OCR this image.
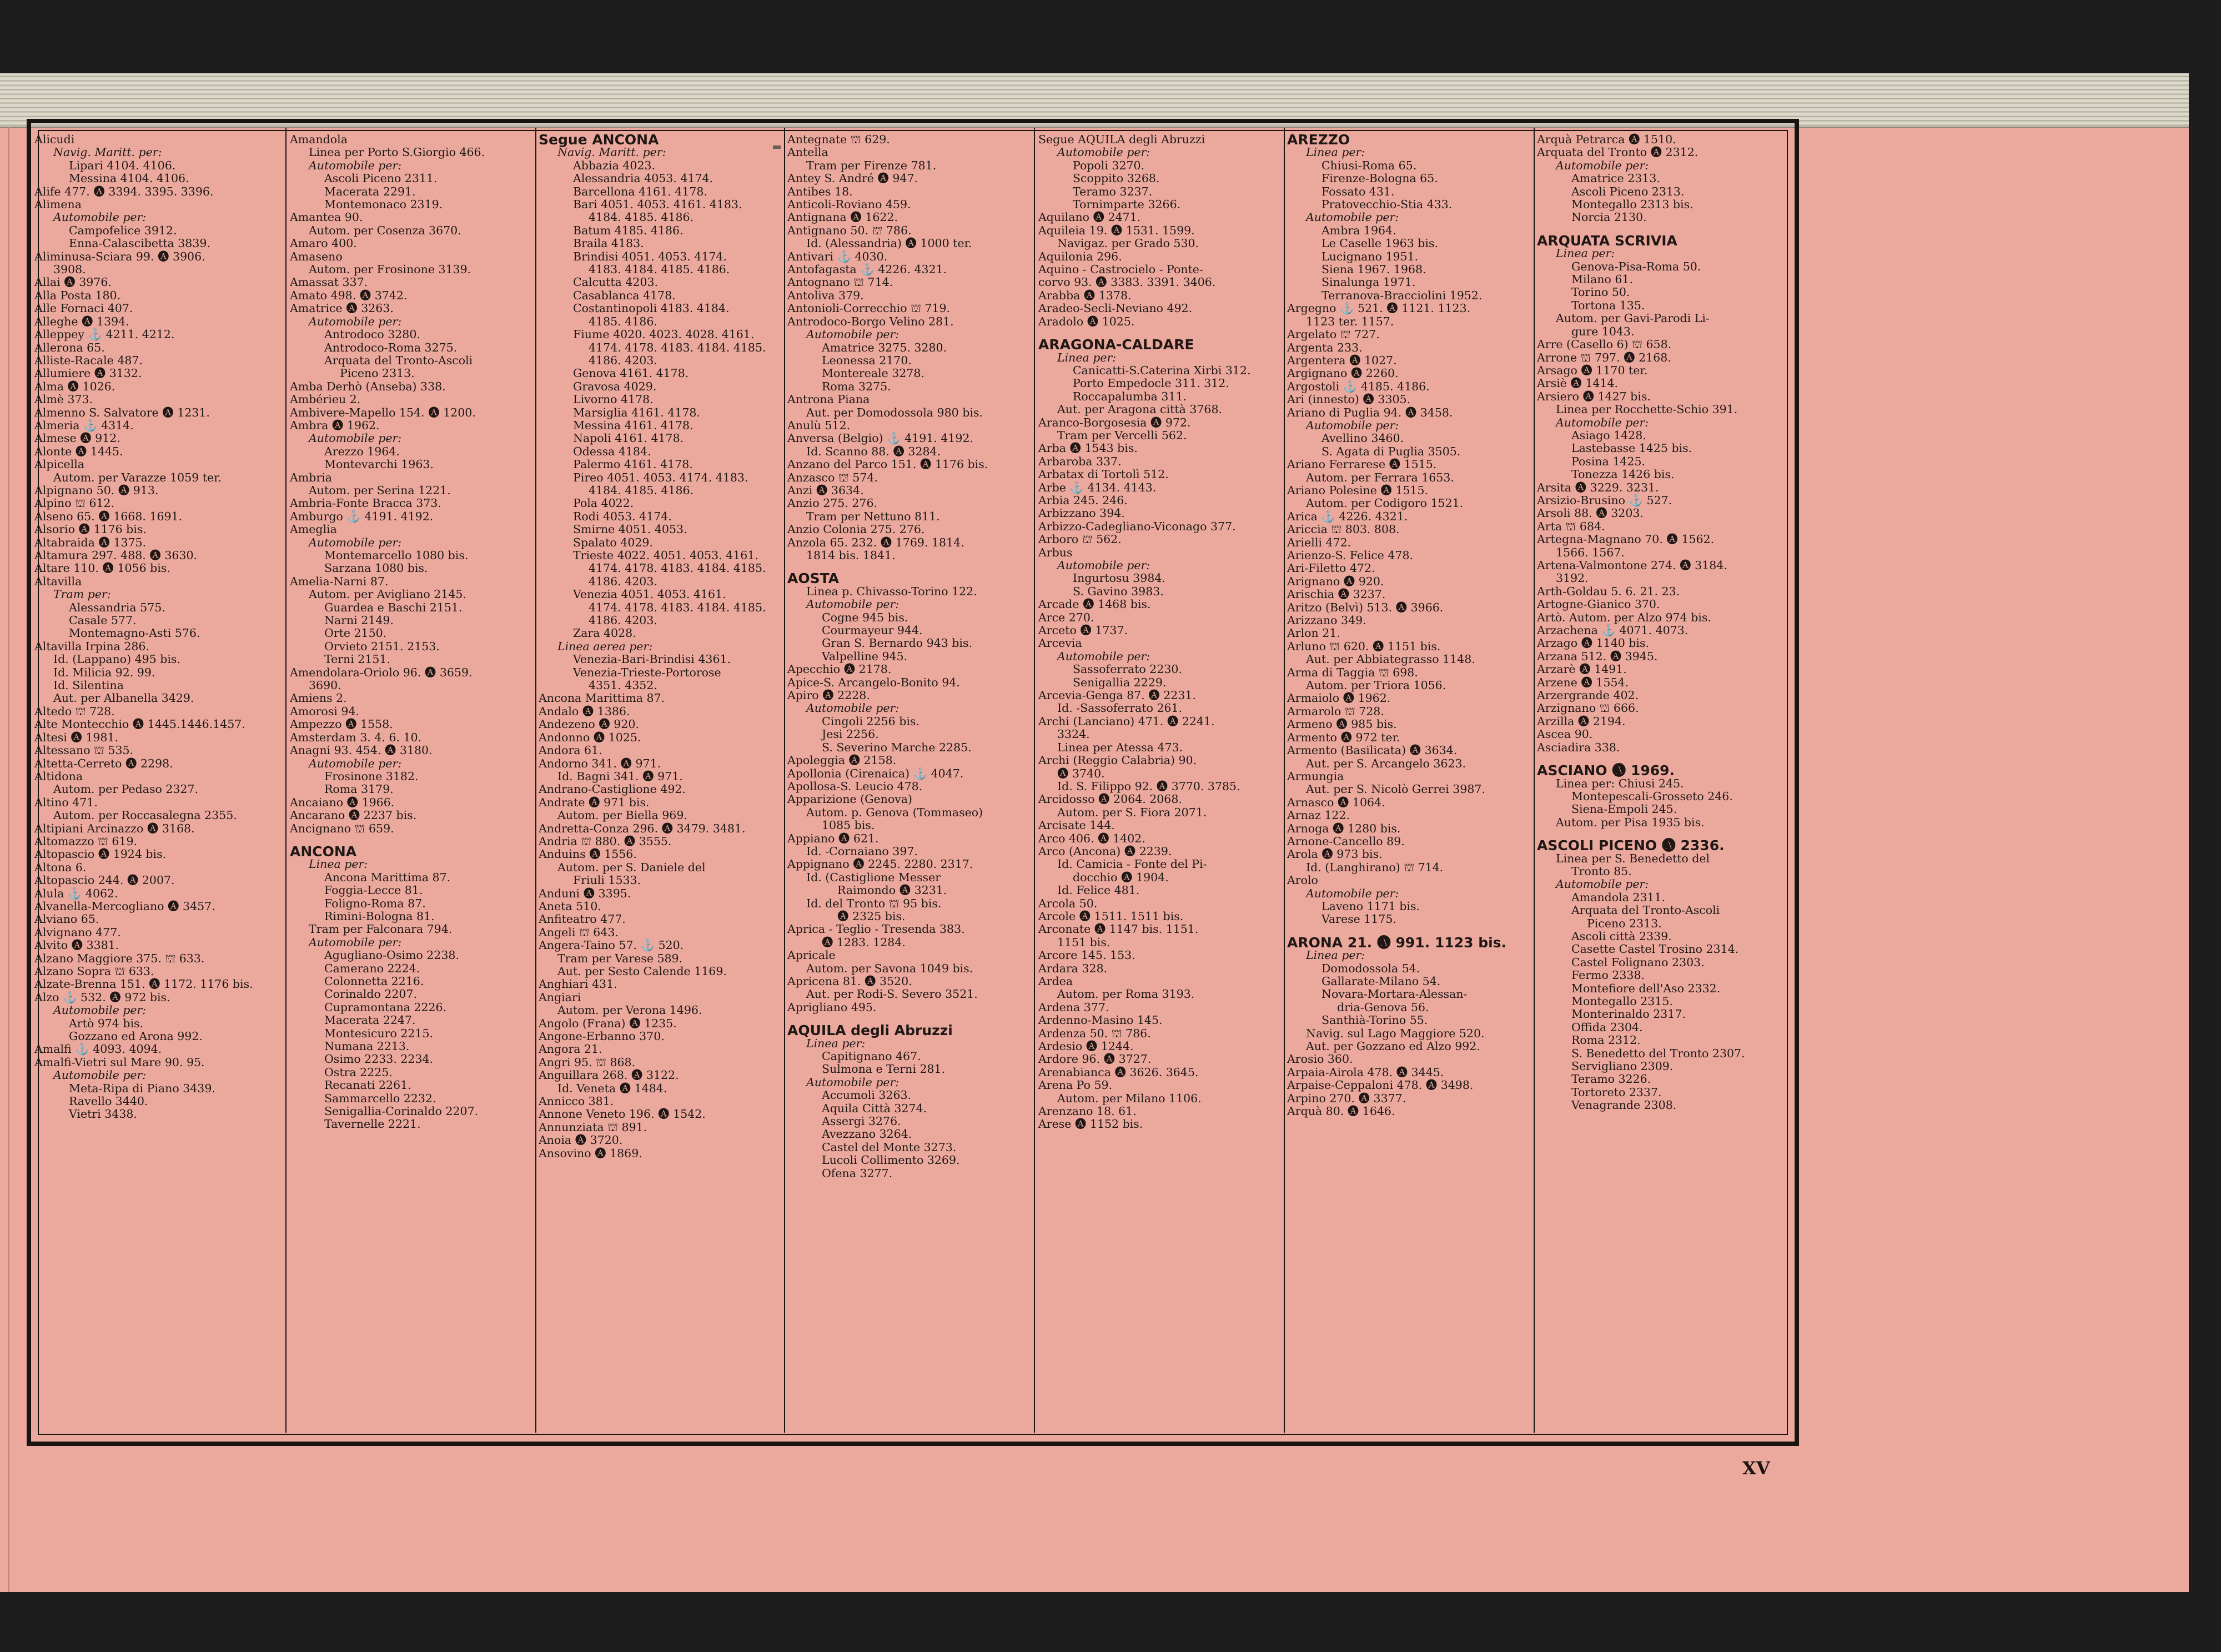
XV
Alicudi
Navig. Maritt. per:
Lipari 4104. 4106.
Messina 4104. 4106.
Alife 477. 🅐 3394. 3395. 3396.
Alimena
Automobile per:
Campofelice 3912.
Enna-Calascibetta 3839.
Aliminusa-Sciara 99. 🅐 3906.
3908.
Allai 🅐 3976.
Alla Posta 180.
Alle Fornaci 407.
Alleghe 🅐 1394.
Alleppey ⚓ 4211. 4212.
Allerona 65.
Alliste-Racale 487.
Allumiere 🅐 3132.
Alma 🅐 1026.
Almè 373.
Almenno S. Salvatore 🅐 1231.
Almeria ⚓ 4314.
Almese 🅐 912.
Alonte 🅐 1445.
Alpicella
Autom. per Varazze 1059 ter.
Alpignano 50. 🅐 913.
Alpino ⛫ 612.
Alseno 65. 🅐 1668. 1691.
Alsorio 🅐 1176 bis.
Altabraida 🅐 1375.
Altamura 297. 488. 🅐 3630.
Altare 110. 🅐 1056 bis.
Altavilla
Tram per:
Alessandria 575.
Casale 577.
Montemagno-Asti 576.
Altavilla Irpina 286.
Id. (Lappano) 495 bis.
Id. Milicia 92. 99.
Id. Silentina
Aut. per Albanella 3429.
Altedo ⛫ 728.
Alte Montecchio 🅐 1445.1446.1457.
Altesi 🅐 1981.
Altessano ⛫ 535.
Altetta-Cerreto 🅐 2298.
Altidona
Autom. per Pedaso 2327.
Altino 471.
Autom. per Roccasalegna 2355.
Altipiani Arcinazzo 🅐 3168.
Altomazzo ⛫ 619.
Altopascio 🅐 1924 bis.
Altona 6.
Altopascio 244. 🅐 2007.
Alula ⚓ 4062.
Alvanella-Mercogliano 🅐 3457.
Alviano 65.
Alvignano 477.
Alvito 🅐 3381.
Alzano Maggiore 375. ⛫ 633.
Alzano Sopra ⛫ 633.
Alzate-Brenna 151. 🅐 1172. 1176 bis.
Alzo ⚓ 532. 🅐 972 bis.
Automobile per:
Artò 974 bis.
Gozzano ed Arona 992.
Amalfi ⚓ 4093. 4094.
Amalfi-Vietri sul Mare 90. 95.
Automobile per:
Meta-Ripa di Piano 3439.
Ravello 3440.
Vietri 3438.
Amandola
Linea per Porto S.Giorgio 466.
Automobile per:
Ascoli Piceno 2311.
Macerata 2291.
Montemonaco 2319.
Amantea 90.
Autom. per Cosenza 3670.
Amaro 400.
Amaseno
Autom. per Frosinone 3139.
Amassat 337.
Amato 498. 🅐 3742.
Amatrice 🅐 3263.
Automobile per:
Antrodoco 3280.
Antrodoco-Roma 3275.
Arquata del Tronto-Ascoli
Piceno 2313.
Amba Derhò (Anseba) 338.
Ambérieu 2.
Ambivere-Mapello 154. 🅐 1200.
Ambra 🅐 1962.
Automobile per:
Arezzo 1964.
Montevarchi 1963.
Ambria
Autom. per Serina 1221.
Ambria-Fonte Bracca 373.
Amburgo ⚓ 4191. 4192.
Ameglia
Automobile per:
Montemarcello 1080 bis.
Sarzana 1080 bis.
Amelia-Narni 87.
Autom. per Avigliano 2145.
Guardea e Baschi 2151.
Narni 2149.
Orte 2150.
Orvieto 2151. 2153.
Terni 2151.
Amendolara-Oriolo 96. 🅐 3659.
3690.
Amiens 2.
Amorosi 94.
Ampezzo 🅐 1558.
Amsterdam 3. 4. 6. 10.
Anagni 93. 454. 🅐 3180.
Automobile per:
Frosinone 3182.
Roma 3179.
Ancaiano 🅐 1966.
Ancarano 🅐 2237 bis.
Ancignano ⛫ 659.
ANCONA
Linea per:
Ancona Marittima 87.
Foggia-Lecce 81.
Foligno-Roma 87.
Rimini-Bologna 81.
Tram per Falconara 794.
Automobile per:
Agugliano-Osimo 2238.
Camerano 2224.
Colonnetta 2216.
Corinaldo 2207.
Cupramontana 2226.
Macerata 2247.
Montesicuro 2215.
Numana 2213.
Osimo 2233. 2234.
Ostra 2225.
Recanati 2261.
Sammarcello 2232.
Senigallia-Corinaldo 2207.
Tavernelle 2221.
Segue ANCONA
Navig. Maritt. per:
Abbazia 4023.
Alessandria 4053. 4174.
Barcellona 4161. 4178.
Bari 4051. 4053. 4161. 4183.
4184. 4185. 4186.
Batum 4185. 4186.
Braila 4183.
Brindisi 4051. 4053. 4174.
4183. 4184. 4185. 4186.
Calcutta 4203.
Casablanca 4178.
Costantinopoli 4183. 4184.
4185. 4186.
Fiume 4020. 4023. 4028. 4161.
4174. 4178. 4183. 4184. 4185.
4186. 4203.
Genova 4161. 4178.
Gravosa 4029.
Livorno 4178.
Marsiglia 4161. 4178.
Messina 4161. 4178.
Napoli 4161. 4178.
Odessa 4184.
Palermo 4161. 4178.
Pireo 4051. 4053. 4174. 4183.
4184. 4185. 4186.
Pola 4022.
Rodi 4053. 4174.
Smirne 4051. 4053.
Spalato 4029.
Trieste 4022. 4051. 4053. 4161.
4174. 4178. 4183. 4184. 4185.
4186. 4203.
Venezia 4051. 4053. 4161.
4174. 4178. 4183. 4184. 4185.
4186. 4203.
Zara 4028.
Linea aerea per:
Venezia-Bari-Brindisi 4361.
Venezia-Trieste-Portorose
4351. 4352.
Ancona Marittima 87.
Andalo 🅐 1386.
Andezeno 🅐 920.
Andonno 🅐 1025.
Andora 61.
Andorno 341. 🅐 971.
Id. Bagni 341. 🅐 971.
Andrano-Castiglione 492.
Andrate 🅐 971 bis.
Autom. per Biella 969.
Andretta-Conza 296. 🅐 3479. 3481.
Andria ⛫ 880. 🅐 3555.
Anduins 🅐 1556.
Autom. per S. Daniele del
Friuli 1533.
Anduni 🅐 3395.
Aneta 510.
Anfiteatro 477.
Angeli ⛫ 643.
Angera-Taino 57. ⚓ 520.
Tram per Varese 589.
Aut. per Sesto Calende 1169.
Anghiari 431.
Angiari
Autom. per Verona 1496.
Angolo (Frana) 🅐 1235.
Angone-Erbanno 370.
Angora 21.
Angri 95. ⛫ 868.
Anguillara 268. 🅐 3122.
Id. Veneta 🅐 1484.
Annicco 381.
Annone Veneto 196. 🅐 1542.
Annunziata ⛫ 891.
Anoia 🅐 3720.
Ansovino 🅐 1869.
Antegnate ⛫ 629.
Antella
Tram per Firenze 781.
Antey S. André 🅐 947.
Antibes 18.
Anticoli-Roviano 459.
Antignana 🅐 1622.
Antignano 50. ⛫ 786.
Id. (Alessandria) 🅐 1000 ter.
Antivari ⚓ 4030.
Antofagasta ⚓ 4226. 4321.
Antognano ⛫ 714.
Antoliva 379.
Antonioli-Correcchio ⛫ 719.
Antrodoco-Borgo Velino 281.
Automobile per:
Amatrice 3275. 3280.
Leonessa 2170.
Montereale 3278.
Roma 3275.
Antrona Piana
Aut. per Domodossola 980 bis.
Anulù 512.
Anversa (Belgio) ⚓ 4191. 4192.
Id. Scanno 88. 🅐 3284.
Anzano del Parco 151. 🅐 1176 bis.
Anzasco ⛫ 574.
Anzi 🅐 3634.
Anzio 275. 276.
Tram per Nettuno 811.
Anzio Colonia 275. 276.
Anzola 65. 232. 🅐 1769. 1814.
1814 bis. 1841.
AOSTA
Linea p. Chivasso-Torino 122.
Automobile per:
Cogne 945 bis.
Courmayeur 944.
Gran S. Bernardo 943 bis.
Valpelline 945.
Apecchio 🅐 2178.
Apice-S. Arcangelo-Bonito 94.
Apiro 🅐 2228.
Automobile per:
Cingoli 2256 bis.
Jesi 2256.
S. Severino Marche 2285.
Apoleggia 🅐 2158.
Apollonia (Cirenaica) ⚓ 4047.
Apollosa-S. Leucio 478.
Apparizione (Genova)
Autom. p. Genova (Tommaseo)
1085 bis.
Appiano 🅐 621.
Id. -Cornaiano 397.
Appignano 🅐 2245. 2280. 2317.
Id. (Castiglione Messer
Raimondo 🅐 3231.
Id. del Tronto ⛫ 95 bis.
🅐 2325 bis.
Aprica - Teglio - Tresenda 383.
🅐 1283. 1284.
Apricale
Autom. per Savona 1049 bis.
Apricena 81. 🅐 3520.
Aut. per Rodi-S. Severo 3521.
Aprigliano 495.
AQUILA degli Abruzzi
Linea per:
Capitignano 467.
Sulmona e Terni 281.
Automobile per:
Accumoli 3263.
Aquila Città 3274.
Assergi 3276.
Avezzano 3264.
Castel del Monte 3273.
Lucoli Collimento 3269.
Ofena 3277.
Segue AQUILA degli Abruzzi
Automobile per:
Popoli 3270.
Scoppito 3268.
Teramo 3237.
Tornimparte 3266.
Aquilano 🅐 2471.
Aquileia 19. 🅐 1531. 1599.
Navigaz. per Grado 530.
Aquilonia 296.
Aquino - Castrocielo - Ponte-
corvo 93. 🅐 3383. 3391. 3406.
Arabba 🅐 1378.
Aradeo-Secli-Neviano 492.
Aradolo 🅐 1025.
ARAGONA-CALDARE
Linea per:
Canicatti-S.Caterina Xirbi 312.
Porto Empedocle 311. 312.
Roccapalumba 311.
Aut. per Aragona città 3768.
Aranco-Borgosesia 🅐 972.
Tram per Vercelli 562.
Arba 🅐 1543 bis.
Arbaroba 337.
Arbatax di Tortolì 512.
Arbe ⚓ 4134. 4143.
Arbia 245. 246.
Arbizzano 394.
Arbizzo-Cadegliano-Viconago 377.
Arboro ⛫ 562.
Arbus
Automobile per:
Ingurtosu 3984.
S. Gavino 3983.
Arcade 🅐 1468 bis.
Arce 270.
Arceto 🅐 1737.
Arcevia
Automobile per:
Sassoferrato 2230.
Senigallia 2229.
Arcevia-Genga 87. 🅐 2231.
Id. -Sassoferrato 261.
Archi (Lanciano) 471. 🅐 2241.
3324.
Linea per Atessa 473.
Archi (Reggio Calabria) 90.
🅐 3740.
Id. S. Filippo 92. 🅐 3770. 3785.
Arcidosso 🅐 2064. 2068.
Autom. per S. Fiora 2071.
Arcisate 144.
Arco 406. 🅐 1402.
Arco (Ancona) 🅐 2239.
Id. Camicia - Fonte del Pi-
docchio 🅐 1904.
Id. Felice 481.
Arcola 50.
Arcole 🅐 1511. 1511 bis.
Arconate 🅐 1147 bis. 1151.
1151 bis.
Arcore 145. 153.
Ardara 328.
Ardea
Autom. per Roma 3193.
Ardena 377.
Ardenno-Masino 145.
Ardenza 50. ⛫ 786.
Ardesio 🅐 1244.
Ardore 96. 🅐 3727.
Arenabianca 🅐 3626. 3645.
Arena Po 59.
Autom. per Milano 1106.
Arenzano 18. 61.
Arese 🅐 1152 bis.
AREZZO
Linea per:
Chiusi-Roma 65.
Firenze-Bologna 65.
Fossato 431.
Pratovecchio-Stia 433.
Automobile per:
Ambra 1964.
Le Caselle 1963 bis.
Lucignano 1951.
Siena 1967. 1968.
Sinalunga 1971.
Terranova-Bracciolini 1952.
Argegno ⚓ 521. 🅐 1121. 1123.
1123 ter. 1157.
Argelato ⛫ 727.
Argenta 233.
Argentera 🅐 1027.
Argignano 🅐 2260.
Argostoli ⚓ 4185. 4186.
Ari (innesto) 🅐 3305.
Ariano di Puglia 94. 🅐 3458.
Automobile per:
Avellino 3460.
S. Agata di Puglia 3505.
Ariano Ferrarese 🅐 1515.
Autom. per Ferrara 1653.
Ariano Polesine 🅐 1515.
Autom. per Codigoro 1521.
Arica ⚓ 4226. 4321.
Ariccia ⛫ 803. 808.
Arielli 472.
Arienzo-S. Felice 478.
Ari-Filetto 472.
Arignano 🅐 920.
Arischia 🅐 3237.
Aritzo (Belvì) 513. 🅐 3966.
Arizzano 349.
Arlon 21.
Arluno ⛫ 620. 🅐 1151 bis.
Aut. per Abbiategrasso 1148.
Arma di Taggia ⛫ 698.
Autom. per Triora 1056.
Armaiolo 🅐 1962.
Armarolo ⛫ 728.
Armeno 🅐 985 bis.
Armento 🅐 972 ter.
Armento (Basilicata) 🅐 3634.
Aut. per S. Arcangelo 3623.
Armungia
Aut. per S. Nicolò Gerrei 3987.
Arnasco 🅐 1064.
Arnaz 122.
Arnoga 🅐 1280 bis.
Arnone-Cancello 89.
Arola 🅐 973 bis.
Id. (Langhirano) ⛫ 714.
Arolo
Automobile per:
Laveno 1171 bis.
Varese 1175.
ARONA 21. 🅐 991. 1123 bis.
Linea per:
Domodossola 54.
Gallarate-Milano 54.
Novara-Mortara-Alessan-
dria-Genova 56.
Santhià-Torino 55.
Navig. sul Lago Maggiore 520.
Aut. per Gozzano ed Alzo 992.
Arosio 360.
Arpaia-Airola 478. 🅐 3445.
Arpaise-Ceppaloni 478. 🅐 3498.
Arpino 270. 🅐 3377.
Arquà 80. 🅐 1646.
Arquà Petrarca 🅐 1510.
Arquata del Tronto 🅐 2312.
Automobile per:
Amatrice 2313.
Ascoli Piceno 2313.
Montegallo 2313 bis.
Norcia 2130.
ARQUATA SCRIVIA
Linea per:
Genova-Pisa-Roma 50.
Milano 61.
Torino 50.
Tortona 135.
Autom. per Gavi-Parodi Li-
gure 1043.
Arre (Casello 6) ⛫ 658.
Arrone ⛫ 797. 🅐 2168.
Arsago 🅐 1170 ter.
Arsiè 🅐 1414.
Arsiero 🅐 1427 bis.
Linea per Rocchette-Schio 391.
Automobile per:
Asiago 1428.
Lastebasse 1425 bis.
Posina 1425.
Tonezza 1426 bis.
Arsita 🅐 3229. 3231.
Arsizio-Brusino ⚓ 527.
Arsoli 88. 🅐 3203.
Arta ⛫ 684.
Artegna-Magnano 70. 🅐 1562.
1566. 1567.
Artena-Valmontone 274. 🅐 3184.
3192.
Arth-Goldau 5. 6. 21. 23.
Artogne-Gianico 370.
Artò. Autom. per Alzo 974 bis.
Arzachena ⚓ 4071. 4073.
Arzago 🅐 1140 bis.
Arzana 512. 🅐 3945.
Arzarè 🅐 1491.
Arzene 🅐 1554.
Arzergrande 402.
Arzignano ⛫ 666.
Arzilla 🅐 2194.
Ascea 90.
Asciadira 338.
ASCIANO 🅐 1969.
Linea per: Chiusi 245.
Montepescali-Grosseto 246.
Siena-Empoli 245.
Autom. per Pisa 1935 bis.
ASCOLI PICENO 🅐 2336.
Linea per S. Benedetto del
Tronto 85.
Automobile per:
Amandola 2311.
Arquata del Tronto-Ascoli
Piceno 2313.
Ascoli città 2339.
Casette Castel Trosino 2314.
Castel Folignano 2303.
Fermo 2338.
Montefiore dell'Aso 2332.
Montegallo 2315.
Monterinaldo 2317.
Offida 2304.
Roma 2312.
S. Benedetto del Tronto 2307.
Servigliano 2309.
Teramo 3226.
Tortoreto 2337.
Venagrande 2308.
